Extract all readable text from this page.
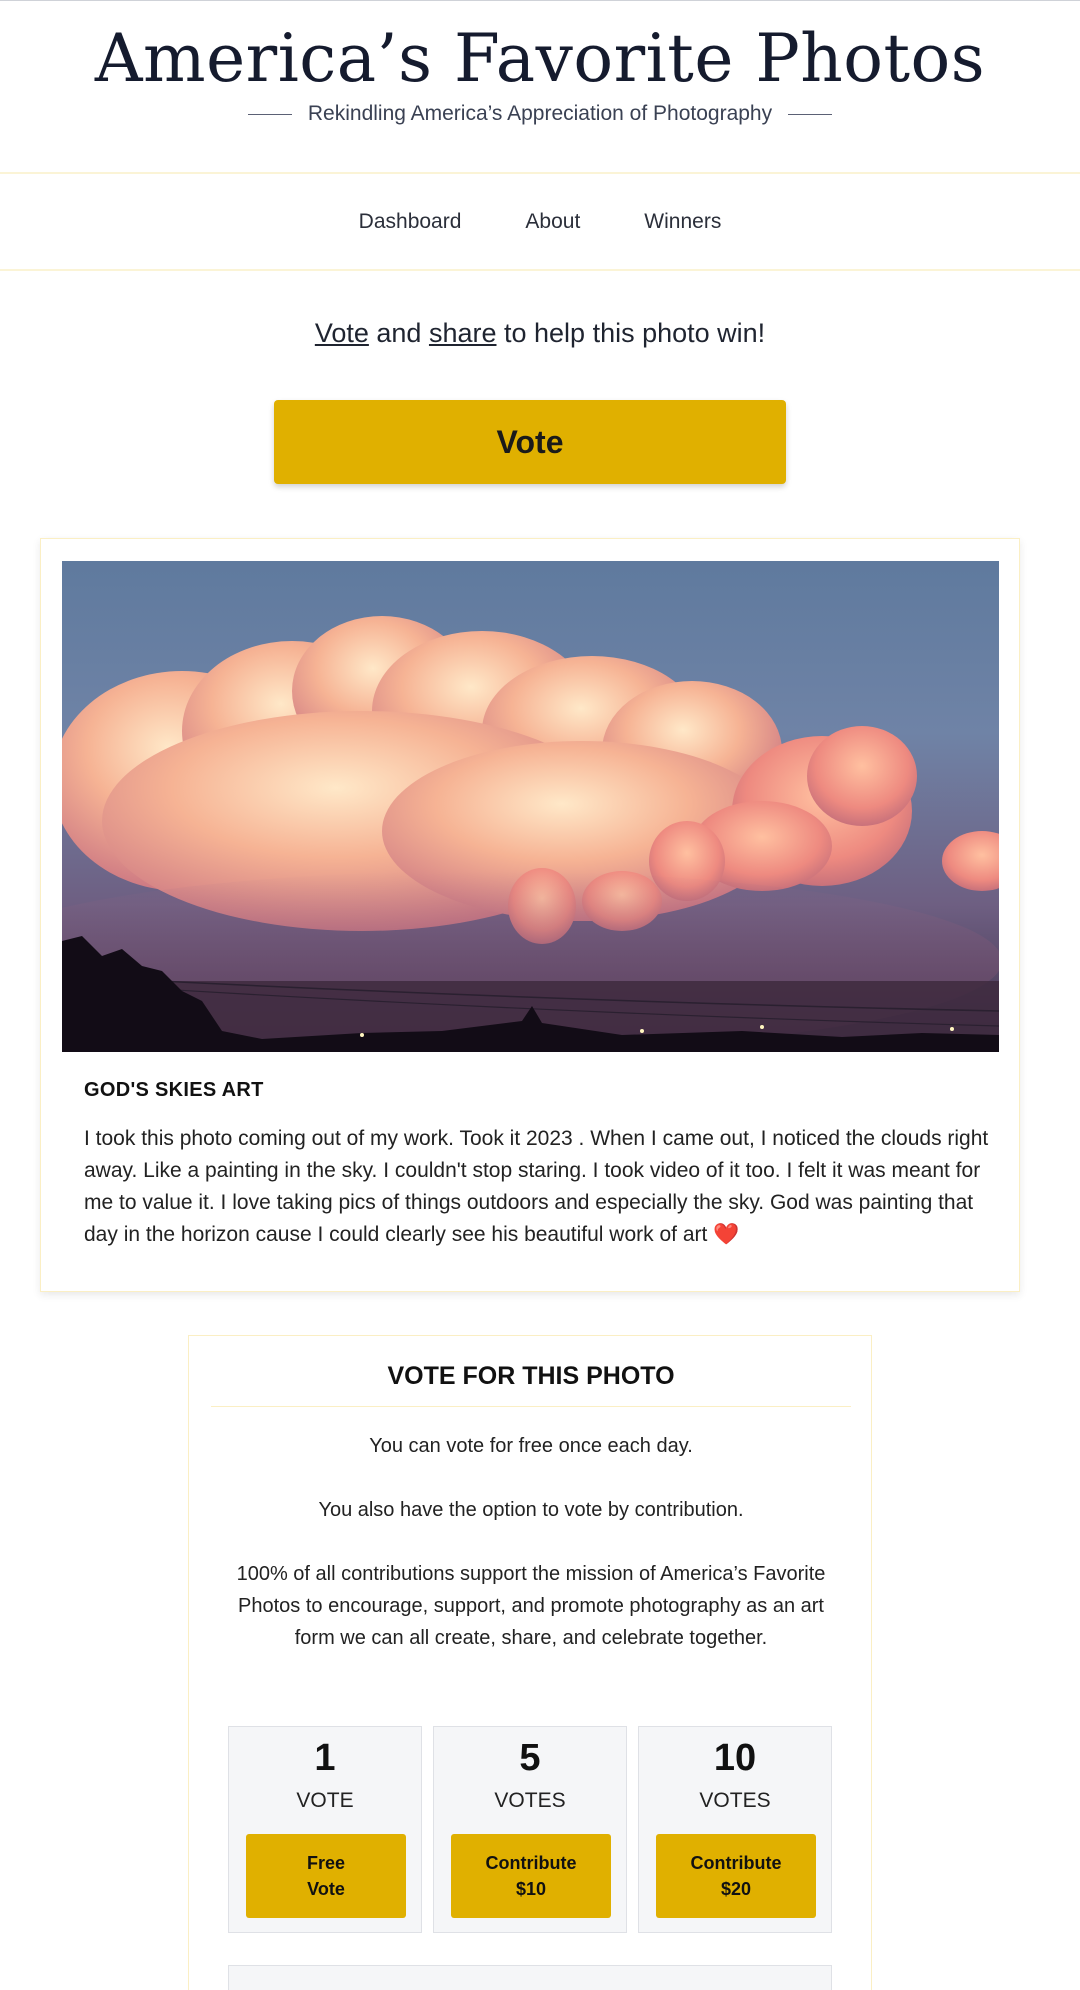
America’s Favorite Photos
Rekindling America’s Appreciation of Photography
Dashboard	About	Winners
Vote and share to help this photo win!
Vote
GOD'S SKIES ART
I took this photo coming out of my work. Took it 2023 . When I came out, I noticed the clouds right away. Like a painting in the sky. I couldn't stop staring. I took video of it too. I felt it was meant for me to value it. I love taking pics of things outdoors and especially the sky. God was painting that day in the horizon cause I could clearly see his beautiful work of art ❤️
VOTE FOR THIS PHOTO
You can vote for free once each day.
You also have the option to vote by contribution.
100% of all contributions support the mission of America’s Favorite Photos to encourage, support, and promote photography as an art form we can all create, share, and celebrate together.
1
VOTE
Free Vote
5
VOTES
Contribute $10
10
VOTES
Contribute $20
